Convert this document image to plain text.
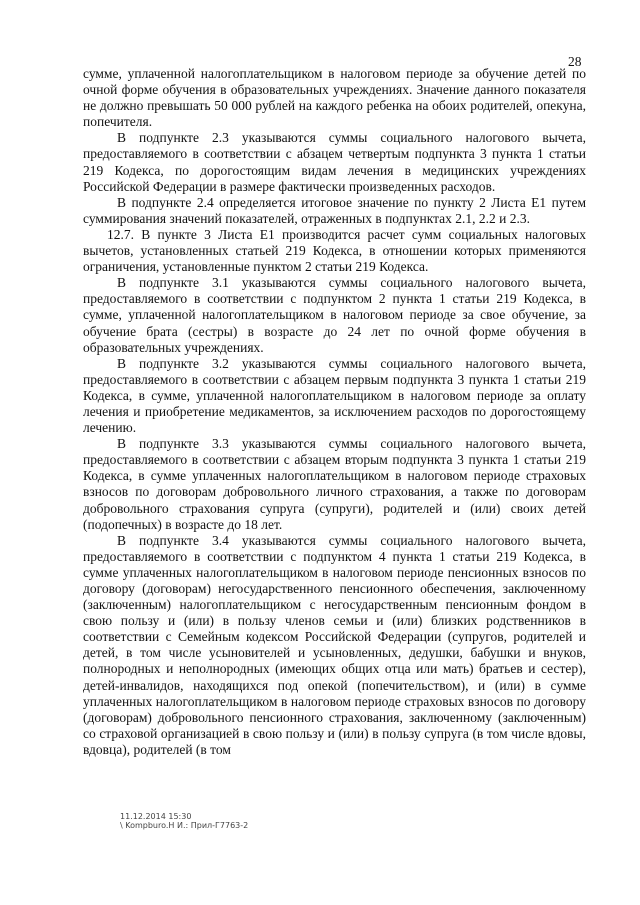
28

сумме, уплаченной налогоплательщиком в налоговом периоде за обучение детей по очной форме обучения в образовательных учреждениях. Значение данного показателя не должно превышать 50 000 рублей на каждого ребенка на обоих родителей, опекуна, попечителя.

В подпункте 2.3 указываются суммы социального налогового вычета, предоставляемого в соответствии с абзацем четвертым подпункта 3 пункта 1 статьи 219 Кодекса, по дорогостоящим видам лечения в медицинских учреждениях Российской Федерации в размере фактически произведенных расходов.

В подпункте 2.4 определяется итоговое значение по пункту 2 Листа Е1 путем суммирования значений показателей, отраженных в подпунктах 2.1, 2.2 и 2.3.

12.7. В пункте 3 Листа Е1 производится расчет сумм социальных налоговых вычетов, установленных статьей 219 Кодекса, в отношении которых применяются ограничения, установленные пунктом 2 статьи 219 Кодекса.

В подпункте 3.1 указываются суммы социального налогового вычета, предоставляемого в соответствии с подпунктом 2 пункта 1 статьи 219 Кодекса, в сумме, уплаченной налогоплательщиком в налоговом периоде за свое обучение, за обучение брата (сестры) в возрасте до 24 лет по очной форме обучения в образовательных учреждениях.

В подпункте 3.2 указываются суммы социального налогового вычета, предоставляемого в соответствии с абзацем первым подпункта 3 пункта 1 статьи 219 Кодекса, в сумме, уплаченной налогоплательщиком в налоговом периоде за оплату лечения и приобретение медикаментов, за исключением расходов по дорогостоящему лечению.

В подпункте 3.3 указываются суммы социального налогового вычета, предоставляемого в соответствии с абзацем вторым подпункта 3 пункта 1 статьи 219 Кодекса, в сумме уплаченных налогоплательщиком в налоговом периоде страховых взносов по договорам добровольного личного страхования, а также по договорам добровольного страхования супруга (супруги), родителей и (или) своих детей (подопечных) в возрасте до 18 лет.

В подпункте 3.4 указываются суммы социального налогового вычета, предоставляемого в соответствии с подпунктом 4 пункта 1 статьи 219 Кодекса, в сумме уплаченных налогоплательщиком в налоговом периоде пенсионных взносов по договору (договорам) негосударственного пенсионного обеспечения, заключенному (заключенным) налогоплательщиком с негосударственным пенсионным фондом в свою пользу и (или) в пользу членов семьи и (или) близких родственников в соответствии с Семейным кодексом Российской Федерации (супругов, родителей и детей, в том числе усыновителей и усыновленных, дедушки, бабушки и внуков, полнородных и неполнородных (имеющих общих отца или мать) братьев и сестер), детей-инвалидов, находящихся под опекой (попечительством), и (или) в сумме уплаченных налогоплательщиком в налоговом периоде страховых взносов по договору (договорам) добровольного пенсионного страхования, заключенному (заключенным) со страховой организацией в свою пользу и (или) в пользу супруга (в том числе вдовы, вдовца), родителей (в том

11.12.2014 15:30
\ Kompburo.Н И.: Прил-Г7763-2
